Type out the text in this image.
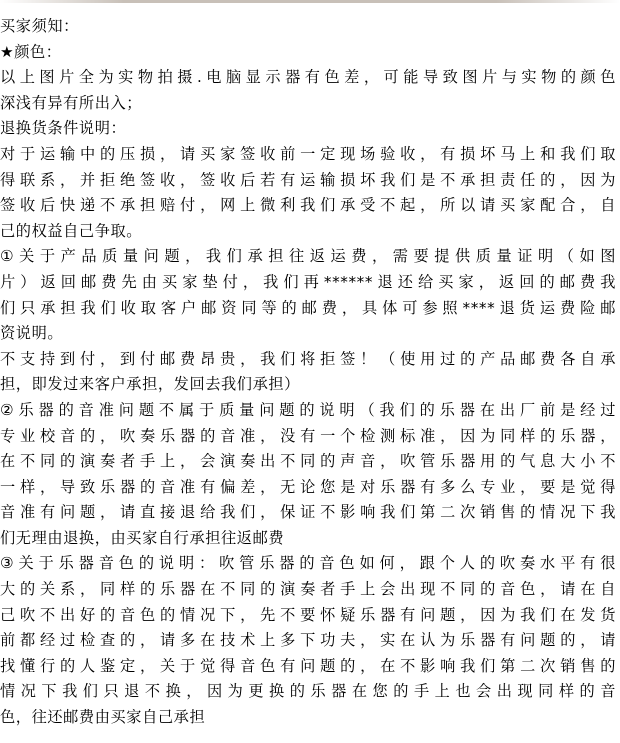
买家须知：
★颜色：
以上图片全为实物拍摄.电脑显示器有色差，可能导致图片与实物的颜色
深浅有异有所出入；
退换货条件说明：
对于运输中的压损，请买家签收前一定现场验收，有损坏马上和我们取
得联系，并拒绝签收，签收后若有运输损坏我们是不承担责任的，因为
签收后快递不承担赔付，网上微利我们承受不起，所以请买家配合，自
己的权益自己争取。
①关于产品质量问题，我们承担往返运费，需要提供质量证明（如图
片）返回邮费先由买家垫付，我们再******退还给买家，返回的邮费我
们只承担我们收取客户邮资同等的邮费，具体可参照****退货运费险邮
资说明。
不支持到付，到付邮费昂贵，我们将拒签！（使用过的产品邮费各自承
担，即发过来客户承担，发回去我们承担）
②乐器的音准问题不属于质量问题的说明（我们的乐器在出厂前是经过
专业校音的，吹奏乐器的音准，没有一个检测标准，因为同样的乐器，
在不同的演奏者手上，会演奏出不同的声音，吹管乐器用的气息大小不
一样，导致乐器的音准有偏差，无论您是对乐器有多么专业，要是觉得
音准有问题，请直接退给我们，保证不影响我们第二次销售的情况下我
们无理由退换，由买家自行承担往返邮费
③关于乐器音色的说明：吹管乐器的音色如何，跟个人的吹奏水平有很
大的关系，同样的乐器在不同的演奏者手上会出现不同的音色，请在自
己吹不出好的音色的情况下，先不要怀疑乐器有问题，因为我们在发货
前都经过检查的，请多在技术上多下功夫，实在认为乐器有问题的，请
找懂行的人鉴定，关于觉得音色有问题的，在不影响我们第二次销售的
情况下我们只退不换，因为更换的乐器在您的手上也会出现同样的音
色，往还邮费由买家自己承担
